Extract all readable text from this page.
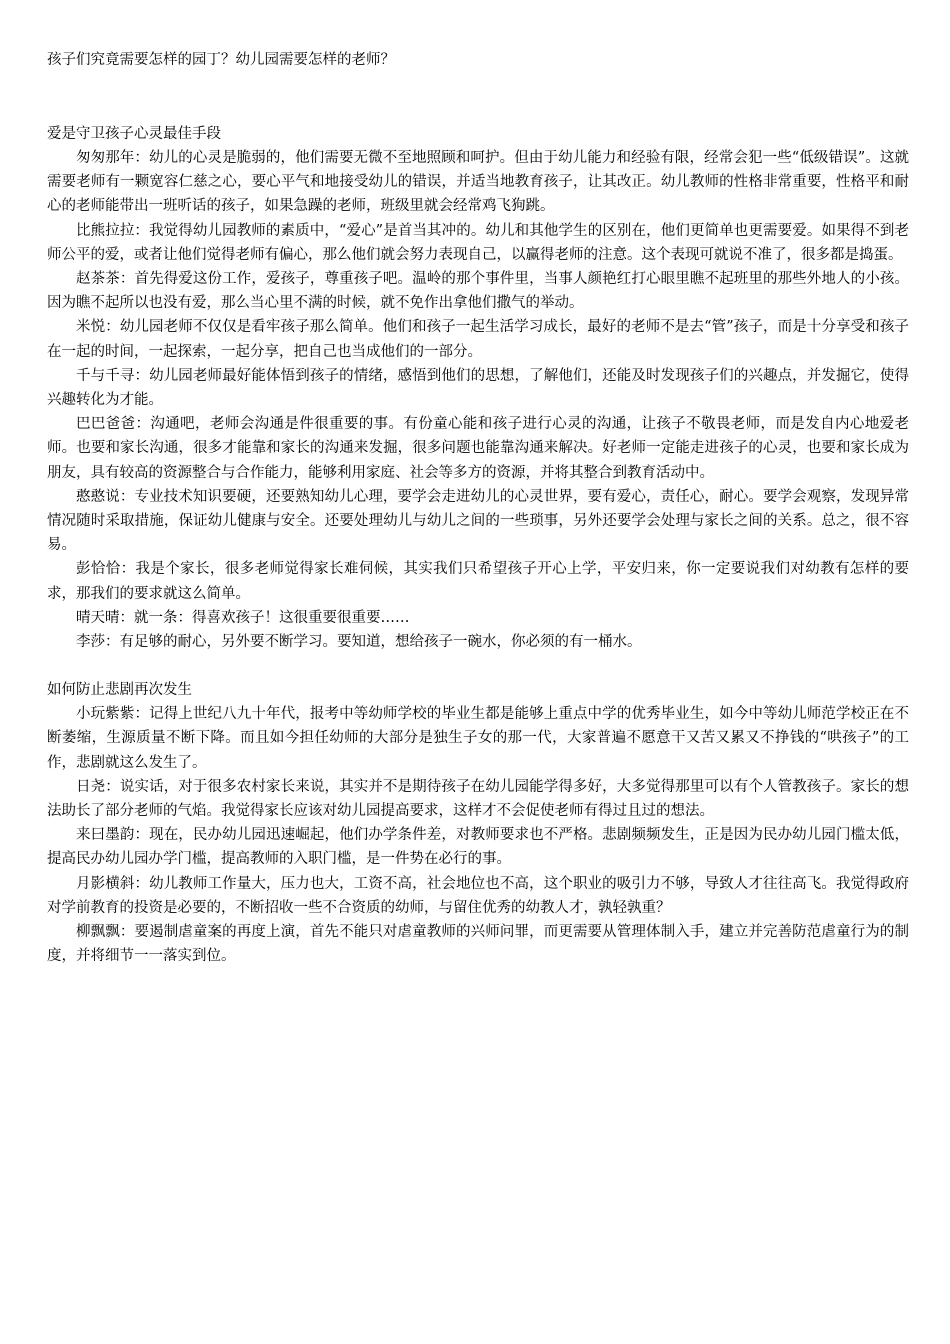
孩子们究竟需要怎样的园丁？幼儿园需要怎样的老师？

爱是守卫孩子心灵最佳手段

匆匆那年：幼儿的心灵是脆弱的，他们需要无微不至地照顾和呵护。但由于幼儿能力和经验有限，经常会犯一些“低级错误”。这就需要老师有一颗宽容仁慈之心，要心平气和地接受幼儿的错误，并适当地教育孩子，让其改正。幼儿教师的性格非常重要，性格平和耐心的老师能带出一班听话的孩子，如果急躁的老师，班级里就会经常鸡飞狗跳。

比熊拉拉：我觉得幼儿园教师的素质中，“爱心”是首当其冲的。幼儿和其他学生的区别在，他们更简单也更需要爱。如果得不到老师公平的爱，或者让他们觉得老师有偏心，那么他们就会努力表现自己，以赢得老师的注意。这个表现可就说不准了，很多都是捣蛋。

赵茶茶：首先得爱这份工作，爱孩子，尊重孩子吧。温岭的那个事件里，当事人颜艳红打心眼里瞧不起班里的那些外地人的小孩。因为瞧不起所以也没有爱，那么当心里不满的时候，就不免作出拿他们撒气的举动。

米悦：幼儿园老师不仅仅是看牢孩子那么简单。他们和孩子一起生活学习成长，最好的老师不是去“管”孩子，而是十分享受和孩子在一起的时间，一起探索，一起分享，把自己也当成他们的一部分。

千与千寻：幼儿园老师最好能体悟到孩子的情绪，感悟到他们的思想，了解他们，还能及时发现孩子们的兴趣点，并发掘它，使得兴趣转化为才能。

巴巴爸爸：沟通吧，老师会沟通是件很重要的事。有份童心能和孩子进行心灵的沟通，让孩子不敬畏老师，而是发自内心地爱老师。也要和家长沟通，很多才能靠和家长的沟通来发掘，很多问题也能靠沟通来解决。好老师一定能走进孩子的心灵，也要和家长成为朋友，具有较高的资源整合与合作能力，能够利用家庭、社会等多方的资源，并将其整合到教育活动中。

憨憨说：专业技术知识要硬，还要熟知幼儿心理，要学会走进幼儿的心灵世界，要有爱心，责任心，耐心。要学会观察，发现异常情况随时采取措施，保证幼儿健康与安全。还要处理幼儿与幼儿之间的一些琐事，另外还要学会处理与家长之间的关系。总之，很不容易。

彭恰恰：我是个家长，很多老师觉得家长难伺候，其实我们只希望孩子开心上学，平安归来，你一定要说我们对幼教有怎样的要求，那我们的要求就这么简单。

晴天晴：就一条：得喜欢孩子！这很重要很重要……

李莎：有足够的耐心，另外要不断学习。要知道，想给孩子一碗水，你必须的有一桶水。

如何防止悲剧再次发生

小玩紫紫：记得上世纪八九十年代，报考中等幼师学校的毕业生都是能够上重点中学的优秀毕业生，如今中等幼儿师范学校正在不断萎缩，生源质量不断下降。而且如今担任幼师的大部分是独生子女的那一代，大家普遍不愿意干又苦又累又不挣钱的“哄孩子”的工作，悲剧就这么发生了。

日尧：说实话，对于很多农村家长来说，其实并不是期待孩子在幼儿园能学得多好，大多觉得那里可以有个人管教孩子。家长的想法助长了部分老师的气焰。我觉得家长应该对幼儿园提高要求，这样才不会促使老师有得过且过的想法。

来曰墨韵：现在，民办幼儿园迅速崛起，他们办学条件差，对教师要求也不严格。悲剧频频发生，正是因为民办幼儿园门槛太低，提高民办幼儿园办学门槛，提高教师的入职门槛，是一件势在必行的事。

月影横斜：幼儿教师工作量大，压力也大，工资不高，社会地位也不高，这个职业的吸引力不够，导致人才往往高飞。我觉得政府对学前教育的投资是必要的，不断招收一些不合资质的幼师，与留住优秀的幼教人才，孰轻孰重？

柳飘飘：要遏制虐童案的再度上演，首先不能只对虐童教师的兴师问罪，而更需要从管理体制入手，建立并完善防范虐童行为的制度，并将细节一一落实到位。
